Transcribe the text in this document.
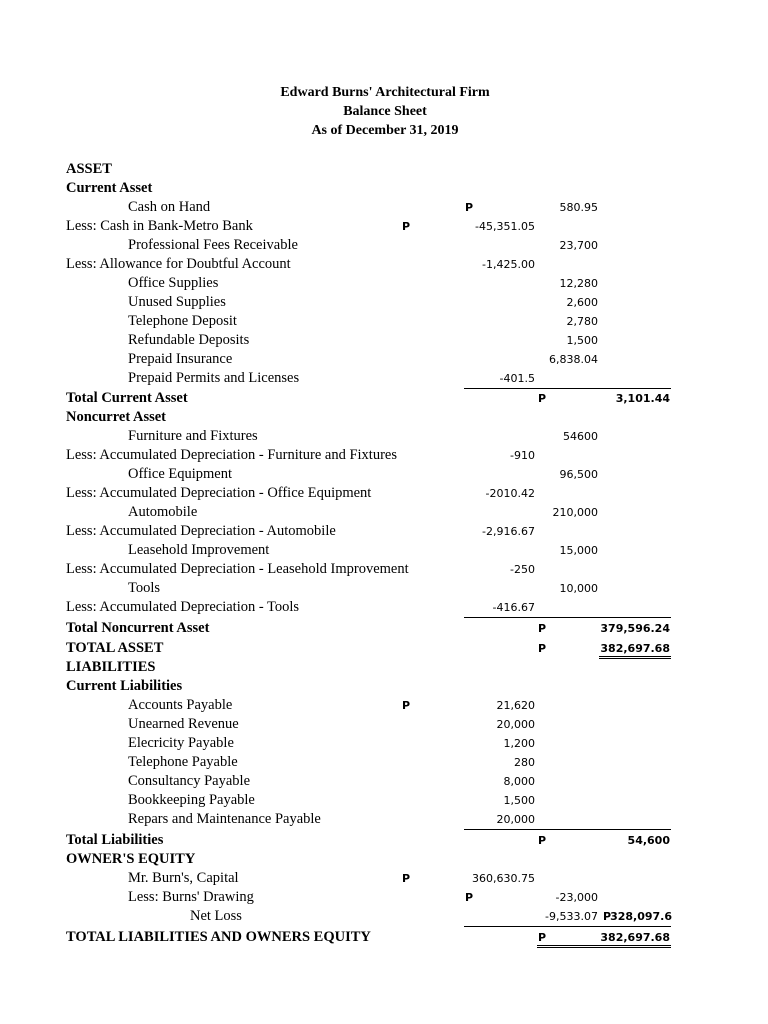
Edward Burns' Architectural Firm
Balance Sheet
As of December 31, 2019
ASSET
Current Asset
Cash on Hand	P	580.95
Less: Cash in Bank-Metro Bank	P	-45,351.05
Professional Fees Receivable	23,700
Less: Allowance for Doubtful Account	-1,425.00
Office Supplies	12,280
Unused Supplies	2,600
Telephone Deposit	2,780
Refundable Deposits	1,500
Prepaid Insurance	6,838.04
Prepaid Permits and Licenses	-401.5
Total Current Asset	P	3,101.44
Noncurret Asset
Furniture and Fixtures	54600
Less: Accumulated Depreciation - Furniture and Fixtures	-910
Office Equipment	96,500
Less: Accumulated Depreciation - Office Equipment	-2010.42
Automobile	210,000
Less: Accumulated Depreciation - Automobile	-2,916.67
Leasehold Improvement	15,000
Less: Accumulated Depreciation - Leasehold Improvement	-250
Tools	10,000
Less: Accumulated Depreciation - Tools	-416.67
Total Noncurrent Asset	P	379,596.24
TOTAL ASSET	P	382,697.68
LIABILITIES
Current Liabilities
Accounts Payable	P	21,620
Unearned Revenue	20,000
Elecricity Payable	1,200
Telephone Payable	280
Consultancy Payable	8,000
Bookkeeping Payable	1,500
Repars and Maintenance Payable	20,000
Total Liabilities	P	54,600
OWNER'S EQUITY
Mr. Burn's, Capital	P	360,630.75
Less: Burns' Drawing	P	-23,000
Net Loss	-9,533.07 P 328,097.6
TOTAL LIABILITIES AND OWNERS EQUITY	P	382,697.68
